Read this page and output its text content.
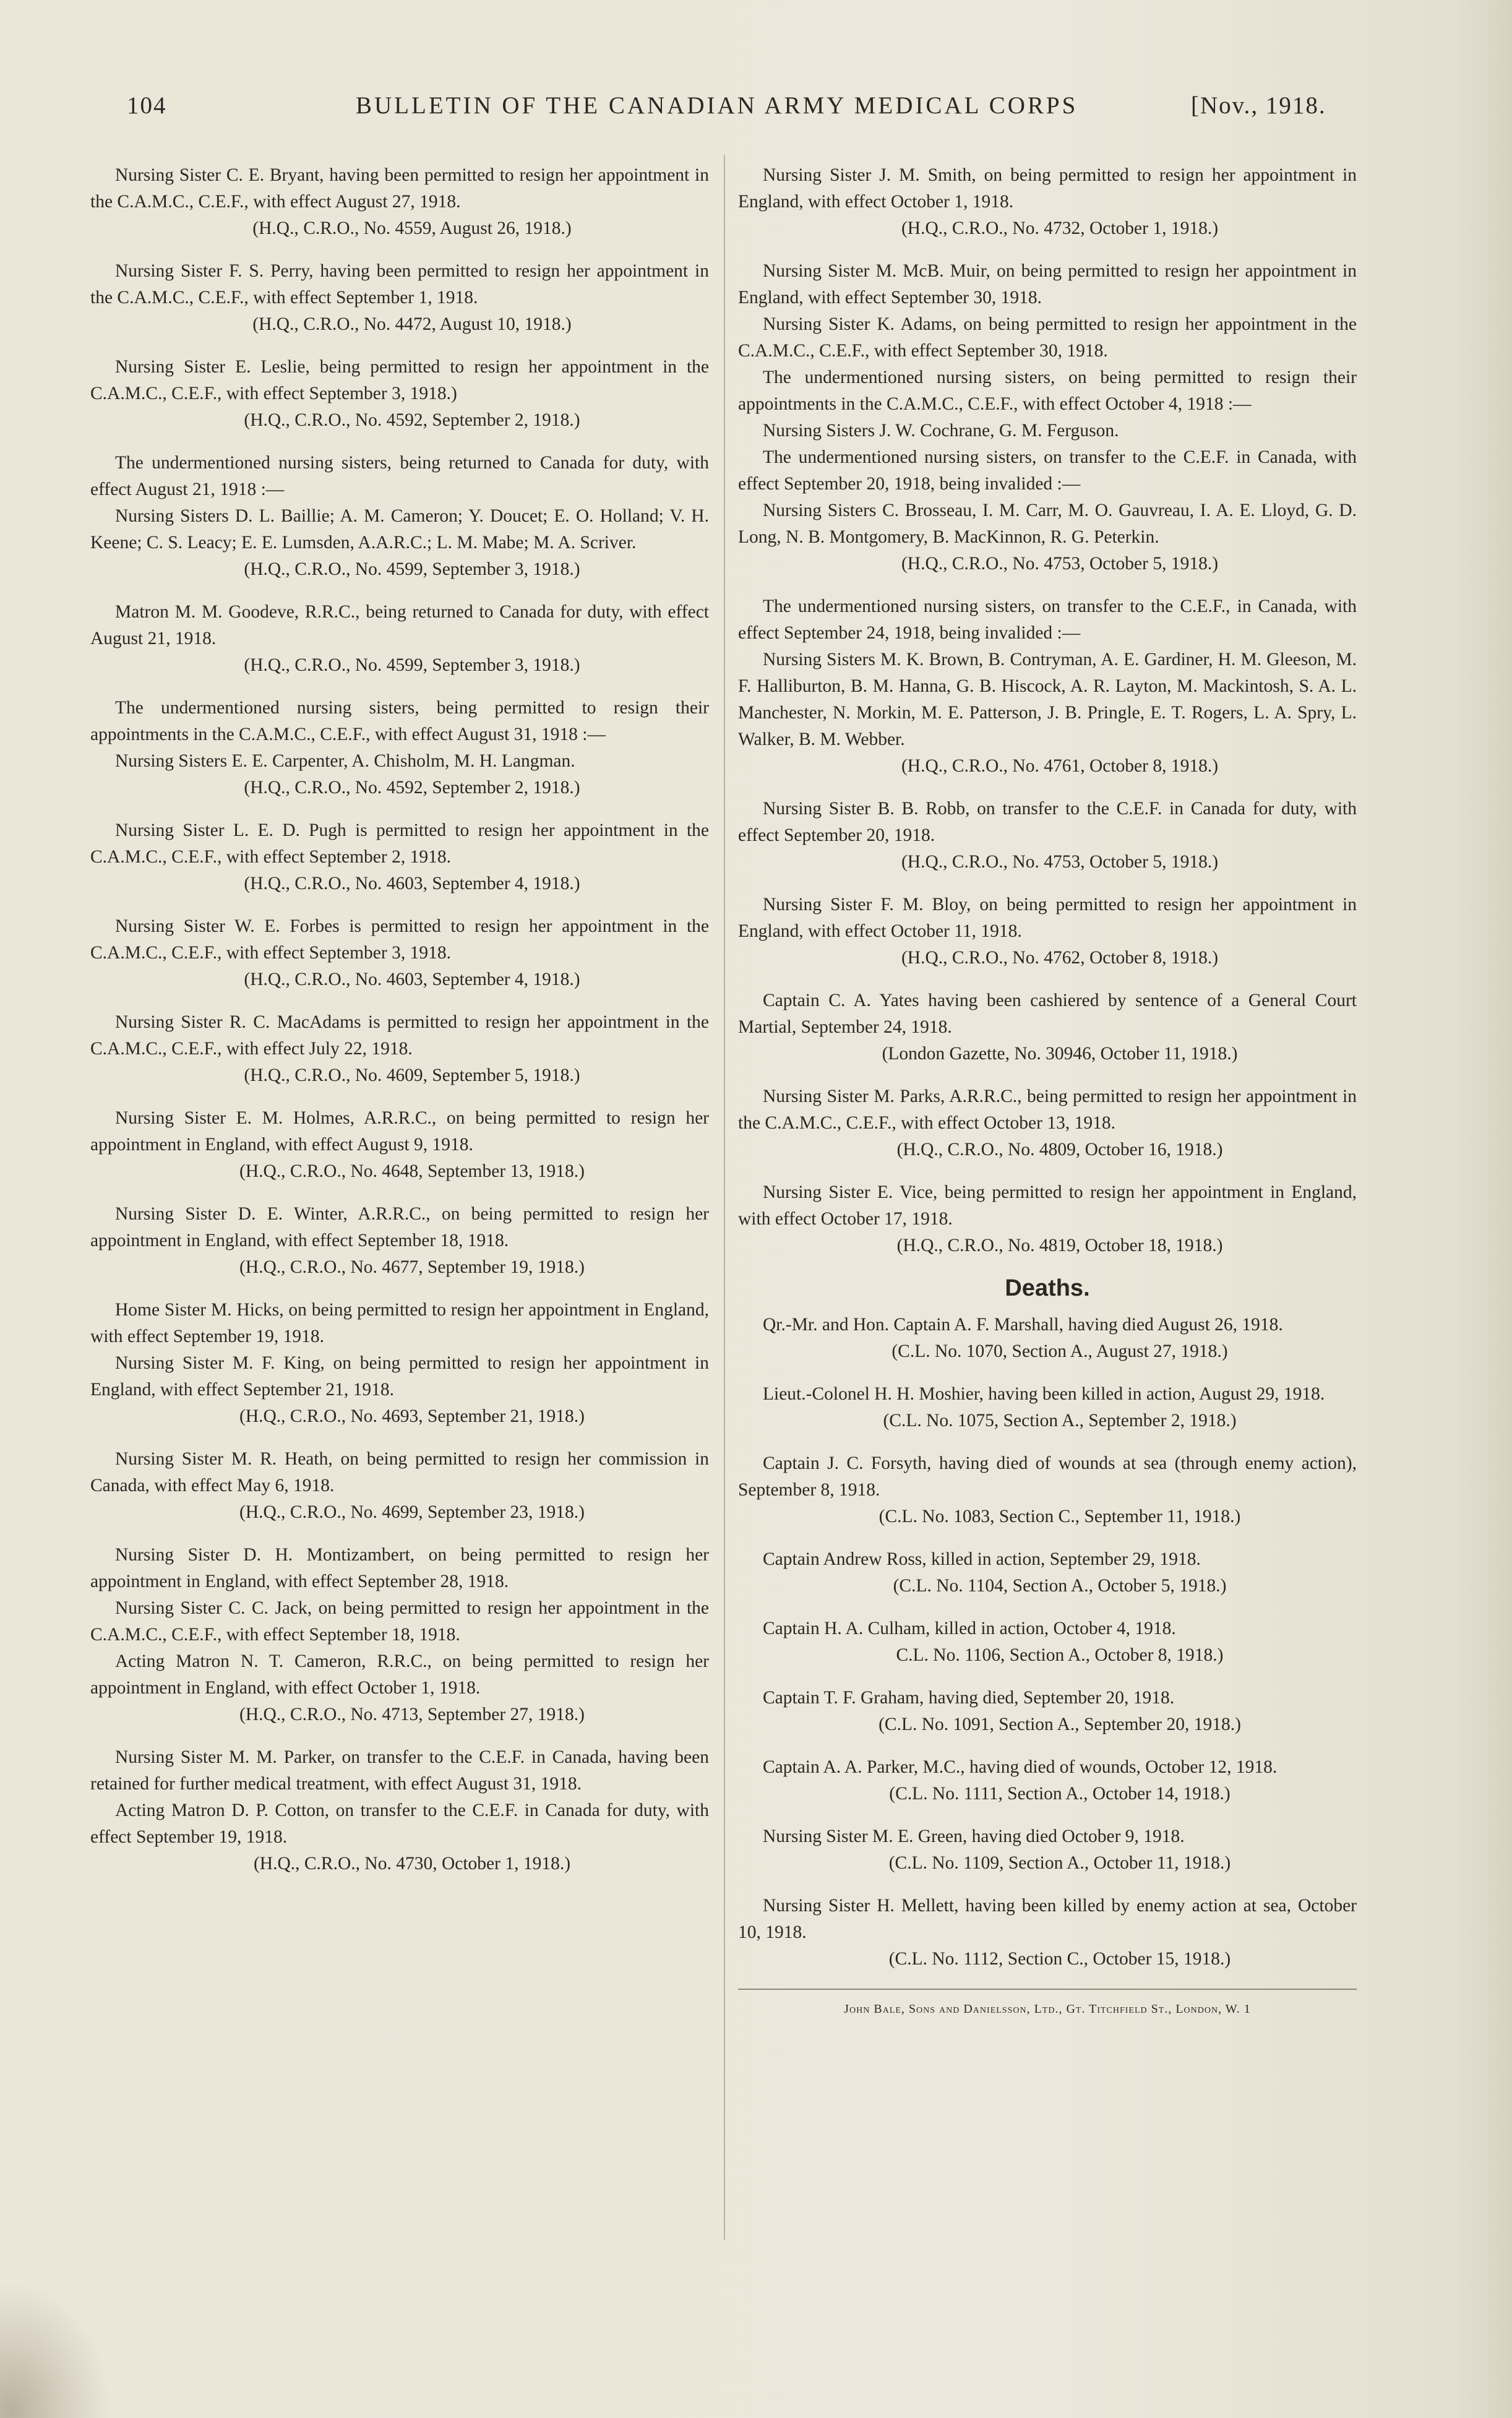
104	BULLETIN OF THE CANADIAN ARMY MEDICAL CORPS	[Nov., 1918.

Nursing Sister C. E. Bryant, having been permitted to resign her appointment in the C.A.M.C., C.E.F., with effect August 27, 1918.

(H.Q., C.R.O., No. 4559, August 26, 1918.)

Nursing Sister F. S. Perry, having been permitted to resign her appointment in the C.A.M.C., C.E.F., with effect September 1, 1918.

(H.Q., C.R.O., No. 4472, August 10, 1918.)

Nursing Sister E. Leslie, being permitted to resign her appointment in the C.A.M.C., C.E.F., with effect September 3, 1918.)

(H.Q., C.R.O., No. 4592, September 2, 1918.)

The undermentioned nursing sisters, being returned to Canada for duty, with effect August 21, 1918 :—

Nursing Sisters D. L. Baillie; A. M. Cameron; Y. Doucet; E. O. Holland; V. H. Keene; C. S. Leacy; E. E. Lumsden, A.A.R.C.; L. M. Mabe; M. A. Scriver.

(H.Q., C.R.O., No. 4599, September 3, 1918.)

Matron M. M. Goodeve, R.R.C., being returned to Canada for duty, with effect August 21, 1918.

(H.Q., C.R.O., No. 4599, September 3, 1918.)

The undermentioned nursing sisters, being permitted to resign their appointments in the C.A.M.C., C.E.F., with effect August 31, 1918 :—

Nursing Sisters E. E. Carpenter, A. Chisholm, M. H. Langman.

(H.Q., C.R.O., No. 4592, September 2, 1918.)

Nursing Sister L. E. D. Pugh is permitted to resign her appointment in the C.A.M.C., C.E.F., with effect September 2, 1918.

(H.Q., C.R.O., No. 4603, September 4, 1918.)

Nursing Sister W. E. Forbes is permitted to resign her appointment in the C.A.M.C., C.E.F., with effect September 3, 1918.

(H.Q., C.R.O., No. 4603, September 4, 1918.)

Nursing Sister R. C. MacAdams is permitted to resign her appointment in the C.A.M.C., C.E.F., with effect July 22, 1918.

(H.Q., C.R.O., No. 4609, September 5, 1918.)

Nursing Sister E. M. Holmes, A.R.R.C., on being permitted to resign her appointment in England, with effect August 9, 1918.

(H.Q., C.R.O., No. 4648, September 13, 1918.)

Nursing Sister D. E. Winter, A.R.R.C., on being permitted to resign her appointment in England, with effect September 18, 1918.

(H.Q., C.R.O., No. 4677, September 19, 1918.)

Home Sister M. Hicks, on being permitted to resign her appointment in England, with effect September 19, 1918.

Nursing Sister M. F. King, on being permitted to resign her appointment in England, with effect September 21, 1918.

(H.Q., C.R.O., No. 4693, September 21, 1918.)

Nursing Sister M. R. Heath, on being permitted to resign her commission in Canada, with effect May 6, 1918.

(H.Q., C.R.O., No. 4699, September 23, 1918.)

Nursing Sister D. H. Montizambert, on being permitted to resign her appointment in England, with effect September 28, 1918.

Nursing Sister C. C. Jack, on being permitted to resign her appointment in the C.A.M.C., C.E.F., with effect September 18, 1918.

Acting Matron N. T. Cameron, R.R.C., on being permitted to resign her appointment in England, with effect October 1, 1918.

(H.Q., C.R.O., No. 4713, September 27, 1918.)

Nursing Sister M. M. Parker, on transfer to the C.E.F. in Canada, having been retained for further medical treatment, with effect August 31, 1918.

Acting Matron D. P. Cotton, on transfer to the C.E.F. in Canada for duty, with effect September 19, 1918.

(H.Q., C.R.O., No. 4730, October 1, 1918.)

Nursing Sister J. M. Smith, on being permitted to resign her appointment in England, with effect October 1, 1918.

(H.Q., C.R.O., No. 4732, October 1, 1918.)

Nursing Sister M. McB. Muir, on being permitted to resign her appointment in England, with effect September 30, 1918.

Nursing Sister K. Adams, on being permitted to resign her appointment in the C.A.M.C., C.E.F., with effect September 30, 1918.

The undermentioned nursing sisters, on being permitted to resign their appointments in the C.A.M.C., C.E.F., with effect October 4, 1918 :—

Nursing Sisters J. W. Cochrane, G. M. Ferguson.

The undermentioned nursing sisters, on transfer to the C.E.F. in Canada, with effect September 20, 1918, being invalided :—

Nursing Sisters C. Brosseau, I. M. Carr, M. O. Gauvreau, I. A. E. Lloyd, G. D. Long, N. B. Montgomery, B. MacKinnon, R. G. Peterkin.

(H.Q., C.R.O., No. 4753, October 5, 1918.)

The undermentioned nursing sisters, on transfer to the C.E.F., in Canada, with effect September 24, 1918, being invalided :—

Nursing Sisters M. K. Brown, B. Contryman, A. E. Gardiner, H. M. Gleeson, M. F. Halliburton, B. M. Hanna, G. B. Hiscock, A. R. Layton, M. Mackintosh, S. A. L. Manchester, N. Morkin, M. E. Patterson, J. B. Pringle, E. T. Rogers, L. A. Spry, L. Walker, B. M. Webber.

(H.Q., C.R.O., No. 4761, October 8, 1918.)

Nursing Sister B. B. Robb, on transfer to the C.E.F. in Canada for duty, with effect September 20, 1918.

(H.Q., C.R.O., No. 4753, October 5, 1918.)

Nursing Sister F. M. Bloy, on being permitted to resign her appointment in England, with effect October 11, 1918.

(H.Q., C.R.O., No. 4762, October 8, 1918.)

Captain C. A. Yates having been cashiered by sentence of a General Court Martial, September 24, 1918.

(London Gazette, No. 30946, October 11, 1918.)

Nursing Sister M. Parks, A.R.R.C., being permitted to resign her appointment in the C.A.M.C., C.E.F., with effect October 13, 1918.

(H.Q., C.R.O., No. 4809, October 16, 1918.)

Nursing Sister E. Vice, being permitted to resign her appointment in England, with effect October 17, 1918.

(H.Q., C.R.O., No. 4819, October 18, 1918.)

Deaths.

Qr.-Mr. and Hon. Captain A. F. Marshall, having died August 26, 1918.

(C.L. No. 1070, Section A., August 27, 1918.)

Lieut.-Colonel H. H. Moshier, having been killed in action, August 29, 1918.

(C.L. No. 1075, Section A., September 2, 1918.)

Captain J. C. Forsyth, having died of wounds at sea (through enemy action), September 8, 1918.

(C.L. No. 1083, Section C., September 11, 1918.)

Captain Andrew Ross, killed in action, September 29, 1918.

(C.L. No. 1104, Section A., October 5, 1918.)

Captain H. A. Culham, killed in action, October 4, 1918.

C.L. No. 1106, Section A., October 8, 1918.)

Captain T. F. Graham, having died, September 20, 1918.

(C.L. No. 1091, Section A., September 20, 1918.)

Captain A. A. Parker, M.C., having died of wounds, October 12, 1918.

(C.L. No. 1111, Section A., October 14, 1918.)

Nursing Sister M. E. Green, having died October 9, 1918.

(C.L. No. 1109, Section A., October 11, 1918.)

Nursing Sister H. Mellett, having been killed by enemy action at sea, October 10, 1918.

(C.L. No. 1112, Section C., October 15, 1918.)

John Bale, Sons and Danielsson, Ltd., Gt. Titchfield St., London, W. 1
